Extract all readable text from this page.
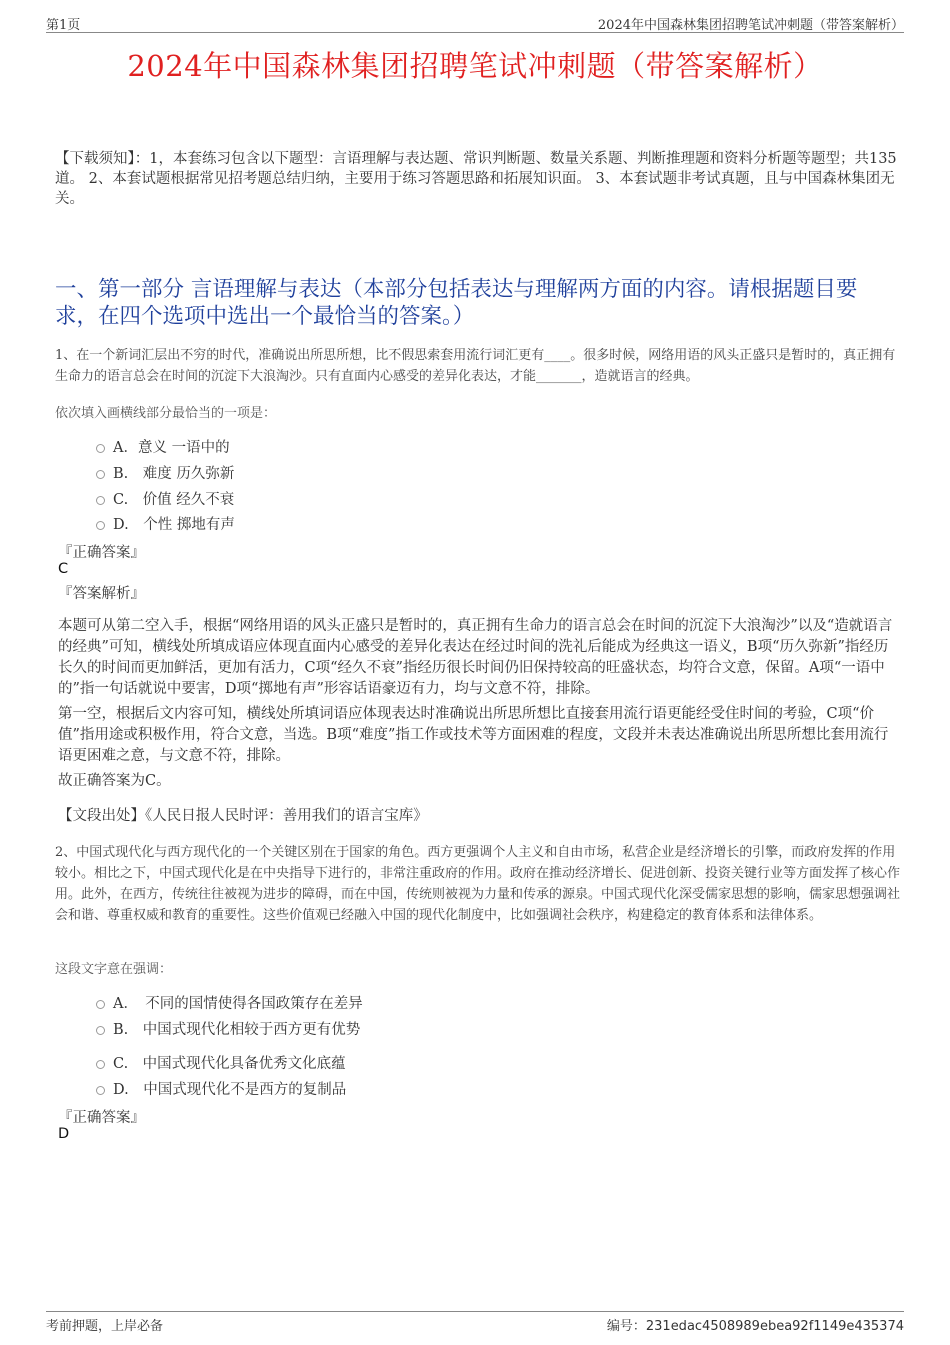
第1页	2024年中国森林集团招聘笔试冲刺题（带答案解析）
2024年中国森林集团招聘笔试冲刺题（带答案解析）
【下载须知】：1，本套练习包含以下题型：言语理解与表达题、常识判断题、数量关系题、判断推理题和资料分析题等题型；共135道。 2、本套试题根据常见招考题总结归纳，主要用于练习答题思路和拓展知识面。 3、本套试题非考试真题，且与中国森林集团无关。
一、第一部分 言语理解与表达（本部分包括表达与理解两方面的内容。请根据题目要求，在四个选项中选出一个最恰当的答案。）
1、在一个新词汇层出不穷的时代，准确说出所思所想，比不假思索套用流行词汇更有____。很多时候，网络用语的风头正盛只是暂时的，真正拥有生命力的语言总会在时间的沉淀下大浪淘沙。只有直面内心感受的差异化表达，才能_______，造就语言的经典。
依次填入画横线部分最恰当的一项是：
A．意义 一语中的
B.　难度 历久弥新
C.　价值 经久不衰
D.　个性 掷地有声
『正确答案』
C
『答案解析』
本题可从第二空入手，根据“网络用语的风头正盛只是暂时的，真正拥有生命力的语言总会在时间的沉淀下大浪淘沙”以及“造就语言的经典”可知，横线处所填成语应体现直面内心感受的差异化表达在经过时间的洗礼后能成为经典这一语义，B项“历久弥新”指经历长久的时间而更加鲜活，更加有活力，C项“经久不衰”指经历很长时间仍旧保持较高的旺盛状态，均符合文意，保留。A项“一语中的”指一句话就说中要害，D项“掷地有声”形容话语豪迈有力，均与文意不符，排除。
第一空，根据后文内容可知，横线处所填词语应体现表达时准确说出所思所想比直接套用流行语更能经受住时间的考验，C项“价值”指用途或积极作用，符合文意，当选。B项“难度”指工作或技术等方面困难的程度，文段并未表达准确说出所思所想比套用流行语更困难之意，与文意不符，排除。
故正确答案为C。
【文段出处】《人民日报人民时评：善用我们的语言宝库》
2、中国式现代化与西方现代化的一个关键区别在于国家的角色。西方更强调个人主义和自由市场，私营企业是经济增长的引擎，而政府发挥的作用较小。相比之下，中国式现代化是在中央指导下进行的，非常注重政府的作用。政府在推动经济增长、促进创新、投资关键行业等方面发挥了核心作用。此外，在西方，传统往往被视为进步的障碍，而在中国，传统则被视为力量和传承的源泉。中国式现代化深受儒家思想的影响，儒家思想强调社会和谐、尊重权威和教育的重要性。这些价值观已经融入中国的现代化制度中，比如强调社会秩序，构建稳定的教育体系和法律体系。
这段文字意在强调：
A．　不同的国情使得各国政策存在差异
B.　中国式现代化相较于西方更有优势
C.　中国式现代化具备优秀文化底蕴
D.　中国式现代化不是西方的复制品
『正确答案』
D
考前押题，上岸必备	编号：231edac4508989ebea92f1149e435374
